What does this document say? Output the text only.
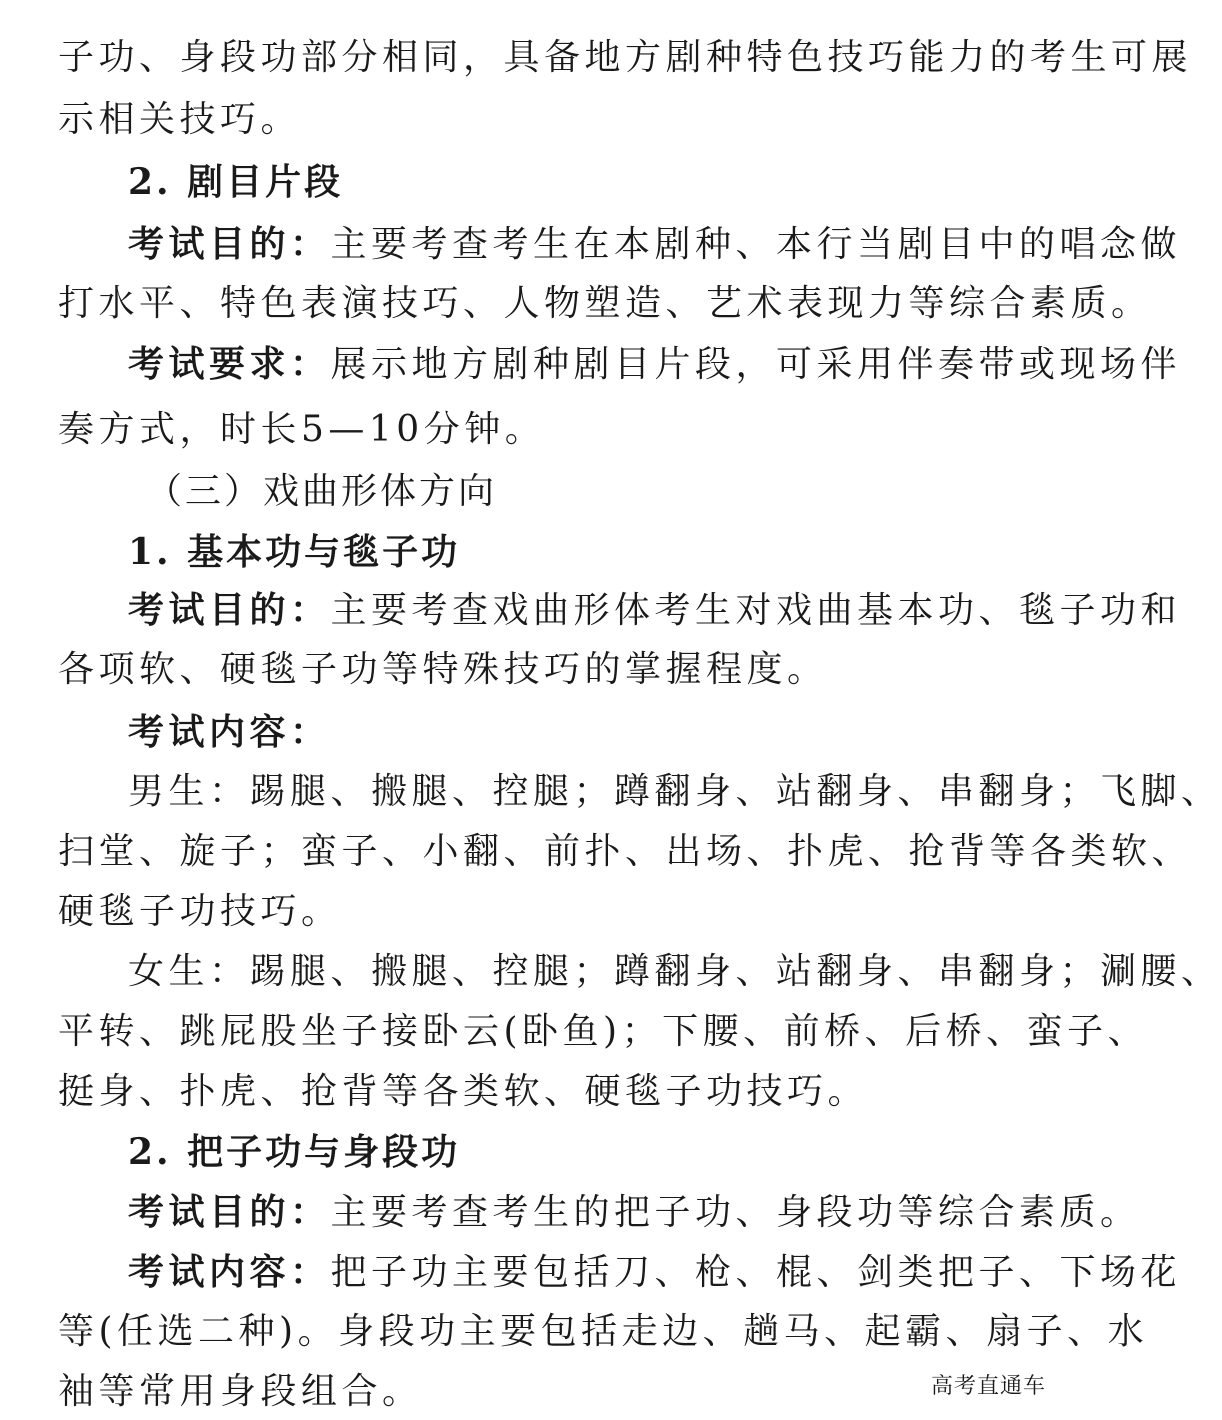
子功、身段功部分相同，具备地方剧种特色技巧能力的考生可展
示相关技巧。
2. 剧目片段
考试目的：主要考查考生在本剧种、本行当剧目中的唱念做
打水平、特色表演技巧、人物塑造、艺术表现力等综合素质。
考试要求：展示地方剧种剧目片段，可采用伴奏带或现场伴
奏方式，时长5—10分钟。
（三）戏曲形体方向
1. 基本功与毯子功
考试目的：主要考查戏曲形体考生对戏曲基本功、毯子功和
各项软、硬毯子功等特殊技巧的掌握程度。
考试内容：
男生：踢腿、搬腿、控腿；蹲翻身、站翻身、串翻身；飞脚、
扫堂、旋子；蛮子、小翻、前扑、出场、扑虎、抢背等各类软、
硬毯子功技巧。
女生：踢腿、搬腿、控腿；蹲翻身、站翻身、串翻身；涮腰、
平转、跳屁股坐子接卧云(卧鱼)；下腰、前桥、后桥、蛮子、
挺身、扑虎、抢背等各类软、硬毯子功技巧。
2. 把子功与身段功
考试目的：主要考查考生的把子功、身段功等综合素质。
考试内容：把子功主要包括刀、枪、棍、剑类把子、下场花
等(任选二种)。身段功主要包括走边、趟马、起霸、扇子、水
袖等常用身段组合。	高考直通车
